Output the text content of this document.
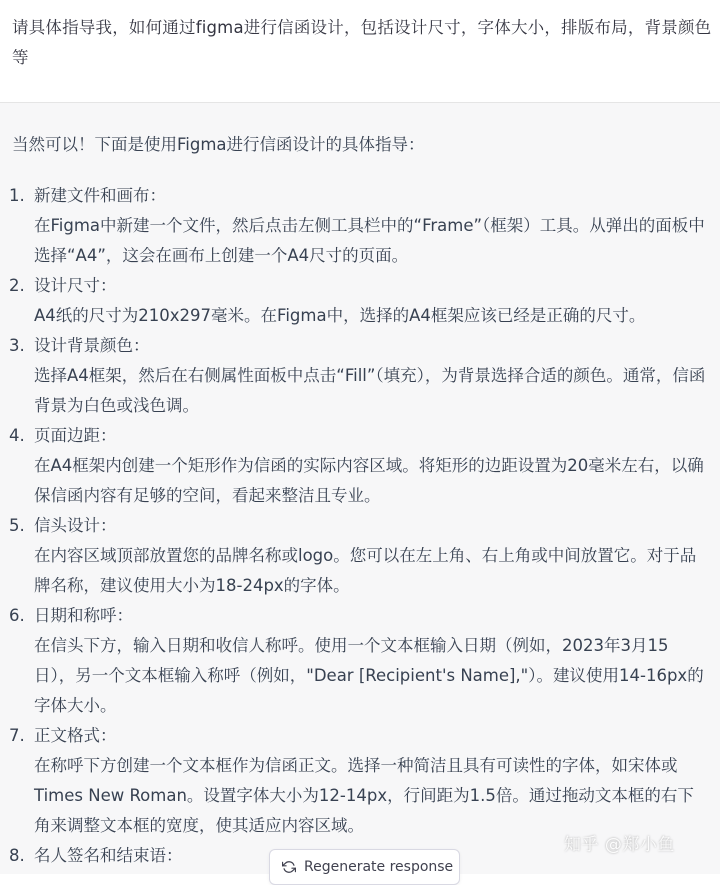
请具体指导我，如何通过figma进行信函设计，包括设计尺寸，字体大小，排版布局，背景颜色等
当然可以！下面是使用Figma进行信函设计的具体指导：
1. 新建文件和画布：
在Figma中新建一个文件，然后点击左侧工具栏中的“Frame”（框架）工具。从弹出的面板中选择“A4”，这会在画布上创建一个A4尺寸的页面。
2. 设计尺寸：
A4纸的尺寸为210x297毫米。在Figma中，选择的A4框架应该已经是正确的尺寸。
3. 设计背景颜色：
选择A4框架，然后在右侧属性面板中点击“Fill”（填充），为背景选择合适的颜色。通常，信函背景为白色或浅色调。
4. 页面边距：
在A4框架内创建一个矩形作为信函的实际内容区域。将矩形的边距设置为20毫米左右，以确保信函内容有足够的空间，看起来整洁且专业。
5. 信头设计：
在内容区域顶部放置您的品牌名称或logo。您可以在左上角、右上角或中间放置它。对于品牌名称，建议使用大小为18-24px的字体。
6. 日期和称呼：
在信头下方，输入日期和收信人称呼。使用一个文本框输入日期（例如，2023年3月15日），另一个文本框输入称呼（例如，"Dear [Recipient's Name],"）。建议使用14-16px的字体大小。
7. 正文格式：
在称呼下方创建一个文本框作为信函正文。选择一种简洁且具有可读性的字体，如宋体或Times New Roman。设置字体大小为12-14px，行间距为1.5倍。通过拖动文本框的右下角来调整文本框的宽度，使其适应内容区域。
8. 名人签名和结束语：
知乎 @郑小鱼
Regenerate response
